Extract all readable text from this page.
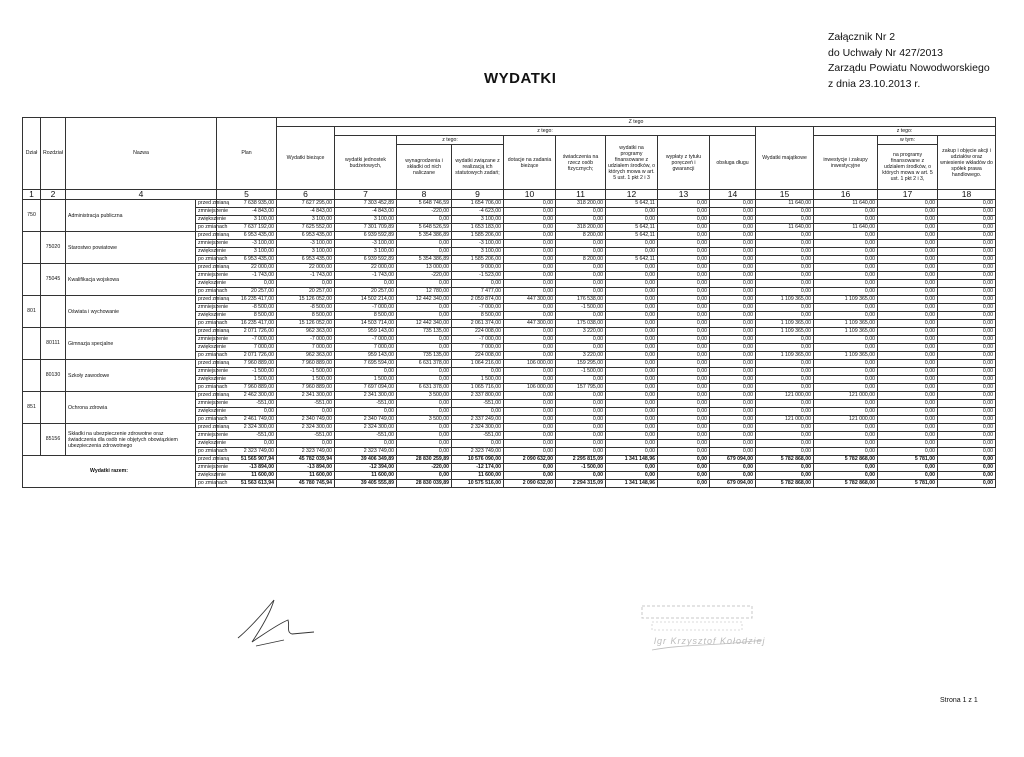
Załącznik Nr 2
do Uchwały Nr 427/2013
Zarządu Powiatu Nowodworskiego
z dnia 23.10.2013 r.
WYDATKI
Dział	Rozdział	Nazwa		Plan	Z tego												
					Wydatki bieżące	z tego:								Wydatki majątkowe	z tego:		
						wydatki jednostek budżetowych,	z tego:		dotacje na zadania bieżące	świadczenia na rzecz osób fizycznych;	wydatki na programy finansowane z udziałem środków, o których mowa w art. 5 ust. 1 pkt 2 i 3	wypłaty z tytułu poręczeń i gwarancji	obsługa długu		inwestycje i zakupy inwestycyjne	w tym:	zakup i objęcie akcji i udziałów oraz wniesienie wkładów do spółek prawa handlowego.
							wynagrodzenia i składki od nich naliczane	wydatki związane z realizacją ich statutowych zadań;								na programy finansowane z udziałem środków, o których mowa w art. 5 ust. 1 pkt 2 i 3,	

1	2	4		5	6	7	8	9	10	11	12	13	14	15	16	17	18
750		Administracja publiczna	przed zmianą	7 638 935,00	7 627 295,00	7 303 452,89	5 648 746,59	1 654 706,00	0,00	318 200,00	5 642,11	0,00	0,00	11 640,00	11 640,00	0,00	0,00
			zmniejszenie	-4 843,00	-4 843,00	-4 843,00	-220,00	-4 623,00	0,00	0,00	0,00	0,00	0,00	0,00	0,00	0,00	0,00
			zwiększenie	3 100,00	3 100,00	3 100,00	0,00	3 100,00	0,00	0,00	0,00	0,00	0,00	0,00	0,00	0,00	0,00
			po zmianach	7 637 192,00	7 625 552,00	7 301 709,89	5 648 526,59	1 653 183,00	0,00	318 200,00	5 642,11	0,00	0,00	11 640,00	11 640,00	0,00	0,00
	75020	Starostwo powiatowe	przed zmianą	6 953 435,00	6 953 435,00	6 939 592,89	5 354 386,89	1 585 206,00	0,00	8 200,00	5 642,11	0,00	0,00	0,00	0,00	0,00	0,00
			zmniejszenie	-3 100,00	-3 100,00	-3 100,00	0,00	-3 100,00	0,00	0,00	0,00	0,00	0,00	0,00	0,00	0,00	0,00
			zwiększenie	3 100,00	3 100,00	3 100,00	0,00	3 100,00	0,00	0,00	0,00	0,00	0,00	0,00	0,00	0,00	0,00
			po zmianach	6 953 435,00	6 953 435,00	6 939 592,89	5 354 386,89	1 585 206,00	0,00	8 200,00	5 642,11	0,00	0,00	0,00	0,00	0,00	0,00
	75045	Kwalifikacja wojskowa	przed zmianą	22 000,00	22 000,00	22 000,00	13 000,00	9 000,00	0,00	0,00	0,00	0,00	0,00	0,00	0,00	0,00	0,00
			zmniejszenie	-1 743,00	-1 743,00	-1 743,00	-220,00	-1 523,00	0,00	0,00	0,00	0,00	0,00	0,00	0,00	0,00	0,00
			zwiększenie	0,00	0,00	0,00	0,00	0,00	0,00	0,00	0,00	0,00	0,00	0,00	0,00	0,00	0,00
			po zmianach	20 257,00	20 257,00	20 257,00	12 780,00	7 477,00	0,00	0,00	0,00	0,00	0,00	0,00	0,00	0,00	0,00
801		Oświata i wychowanie	przed zmianą	16 235 417,00	15 126 052,00	14 502 214,00	12 442 340,00	2 059 874,00	447 300,00	176 538,00	0,00	0,00	0,00	1 109 365,00	1 109 365,00	0,00	0,00
			zmniejszenie	-8 500,00	-8 500,00	-7 000,00	0,00	-7 000,00	0,00	-1 500,00	0,00	0,00	0,00	0,00	0,00	0,00	0,00
			zwiększenie	8 500,00	8 500,00	8 500,00	0,00	8 500,00	0,00	0,00	0,00	0,00	0,00	0,00	0,00	0,00	0,00
			po zmianach	16 235 417,00	15 126 052,00	14 503 714,00	12 442 340,00	2 061 374,00	447 300,00	175 038,00	0,00	0,00	0,00	1 109 365,00	1 109 365,00	0,00	0,00
	80111	Gimnazja specjalne	przed zmianą	2 071 726,00	962 363,00	959 143,00	735 135,00	224 008,00	0,00	3 220,00	0,00	0,00	0,00	1 109 365,00	1 109 365,00	0,00	0,00
			zmniejszenie	-7 000,00	-7 000,00	-7 000,00	0,00	-7 000,00	0,00	0,00	0,00	0,00	0,00	0,00	0,00	0,00	0,00
			zwiększenie	7 000,00	7 000,00	7 000,00	0,00	7 000,00	0,00	0,00	0,00	0,00	0,00	0,00	0,00	0,00	0,00
			po zmianach	2 071 726,00	962 363,00	959 143,00	735 135,00	224 008,00	0,00	3 220,00	0,00	0,00	0,00	1 109 365,00	1 109 365,00	0,00	0,00
	80130	Szkoły zawodowe	przed zmianą	7 960 889,00	7 960 889,00	7 695 594,00	6 631 378,00	1 064 216,00	106 000,00	159 295,00	0,00	0,00	0,00	0,00	0,00	0,00	0,00
			zmniejszenie	-1 500,00	-1 500,00	0,00	0,00	0,00	0,00	-1 500,00	0,00	0,00	0,00	0,00	0,00	0,00	0,00
			zwiększenie	1 500,00	1 500,00	1 500,00	0,00	1 500,00	0,00	0,00	0,00	0,00	0,00	0,00	0,00	0,00	0,00
			po zmianach	7 960 889,00	7 960 889,00	7 697 094,00	6 631 378,00	1 065 716,00	106 000,00	157 795,00	0,00	0,00	0,00	0,00	0,00	0,00	0,00
851		Ochrona zdrowia	przed zmianą	2 462 300,00	2 341 300,00	2 341 300,00	3 500,00	2 337 800,00	0,00	0,00	0,00	0,00	0,00	121 000,00	121 000,00	0,00	0,00
			zmniejszenie	-551,00	-551,00	-551,00	0,00	-551,00	0,00	0,00	0,00	0,00	0,00	0,00	0,00	0,00	0,00
			zwiększenie	0,00	0,00	0,00	0,00	0,00	0,00	0,00	0,00	0,00	0,00	0,00	0,00	0,00	0,00
			po zmianach	2 461 749,00	2 340 749,00	2 340 749,00	3 500,00	2 337 249,00	0,00	0,00	0,00	0,00	0,00	121 000,00	121 000,00	0,00	0,00
	85156	Składki na ubezpieczenie zdrowotne oraz świadczenia dla osób nie objętych obowiązkiem ubezpieczenia zdrowotnego	przed zmianą	2 324 300,00	2 324 300,00	2 324 300,00	0,00	2 324 300,00	0,00	0,00	0,00	0,00	0,00	0,00	0,00	0,00	0,00
			zmniejszenie	-551,00	-551,00	-551,00	0,00	-551,00	0,00	0,00	0,00	0,00	0,00	0,00	0,00	0,00	0,00
			zwiększenie	0,00	0,00	0,00	0,00	0,00	0,00	0,00	0,00	0,00	0,00	0,00	0,00	0,00	0,00
			po zmianach	2 323 749,00	2 323 749,00	2 323 749,00	0,00	2 323 749,00	0,00	0,00	0,00	0,00	0,00	0,00	0,00	0,00	0,00
Wydatki razem:			przed zmianą	51 565 907,94	45 782 039,94	39 406 349,89	28 830 259,89	10 576 090,00	2 090 632,00	2 295 815,09	1 341 148,96	0,00	679 094,00	5 782 868,00	5 782 868,00	5 781,00	0,00
			zmniejszenie	-13 894,00	-13 894,00	-12 394,00	-220,00	-12 174,00	0,00	-1 500,00	0,00	0,00	0,00	0,00	0,00	0,00	0,00
			zwiększenie	11 600,00	11 600,00	11 600,00	0,00	11 600,00	0,00	0,00	0,00	0,00	0,00	0,00	0,00	0,00	0,00
			po zmianach	51 563 613,94	45 780 745,94	39 405 555,89	28 830 039,89	10 575 516,00	2 090 632,00	2 294 315,09	1 341 148,96	0,00	679 094,00	5 782 868,00	5 782 868,00	5 781,00	0,00
lgr Krzysztof Kołodziej
Strona 1 z 1
